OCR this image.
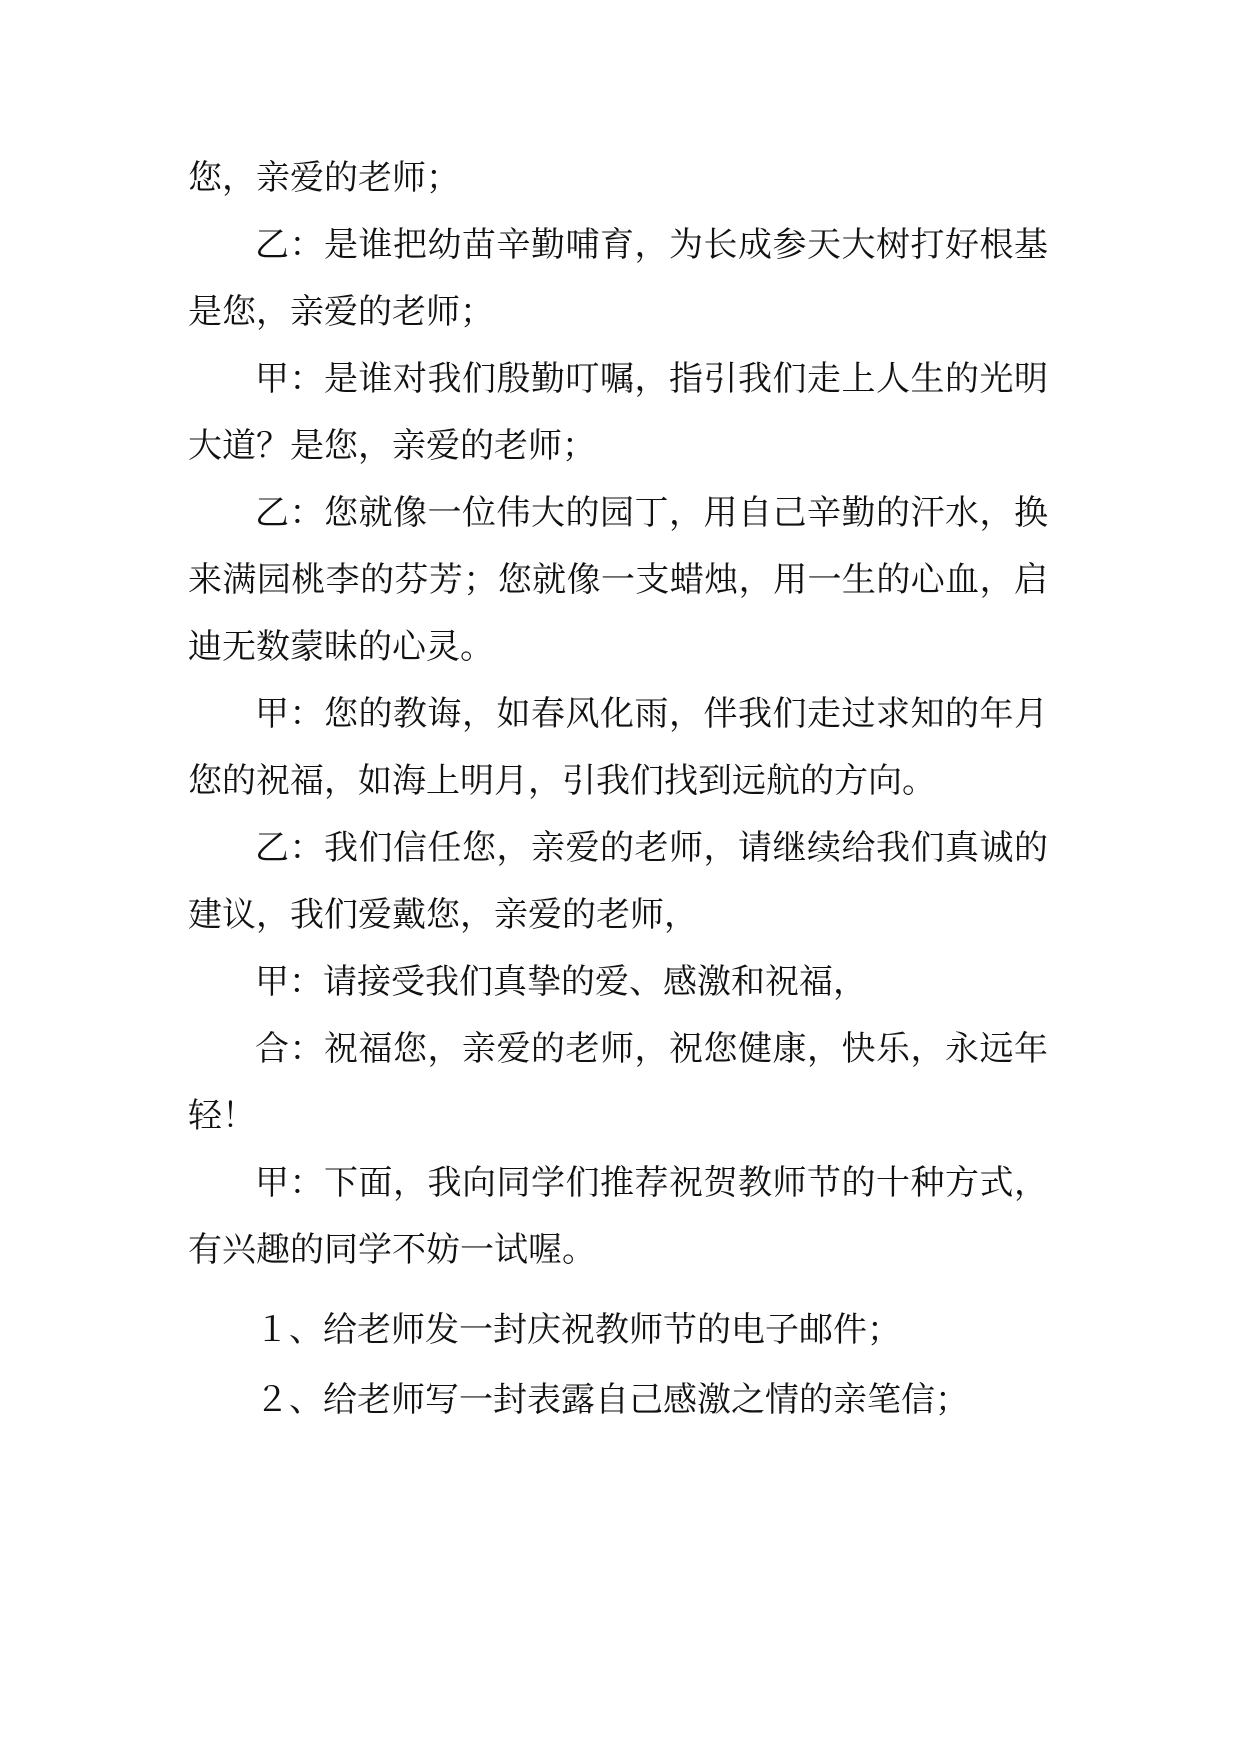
您，亲爱的老师；

乙：是谁把幼苗辛勤哺育，为长成参天大树打好根基

是您，亲爱的老师；

甲：是谁对我们殷勤叮嘱，指引我们走上人生的光明

大道？是您，亲爱的老师；

乙：您就像一位伟大的园丁，用自己辛勤的汗水，换

来满园桃李的芬芳；您就像一支蜡烛，用一生的心血，启

迪无数蒙昧的心灵。

甲：您的教诲，如春风化雨，伴我们走过求知的年月

您的祝福，如海上明月，引我们找到远航的方向。

乙：我们信任您，亲爱的老师，请继续给我们真诚的

建议，我们爱戴您，亲爱的老师，

甲：请接受我们真挚的爱、感激和祝福，

合：祝福您，亲爱的老师，祝您健康，快乐，永远年

轻！

甲：下面，我向同学们推荐祝贺教师节的十种方式，

有兴趣的同学不妨一试喔。

１、给老师发一封庆祝教师节的电子邮件；

２、给老师写一封表露自己感激之情的亲笔信；
